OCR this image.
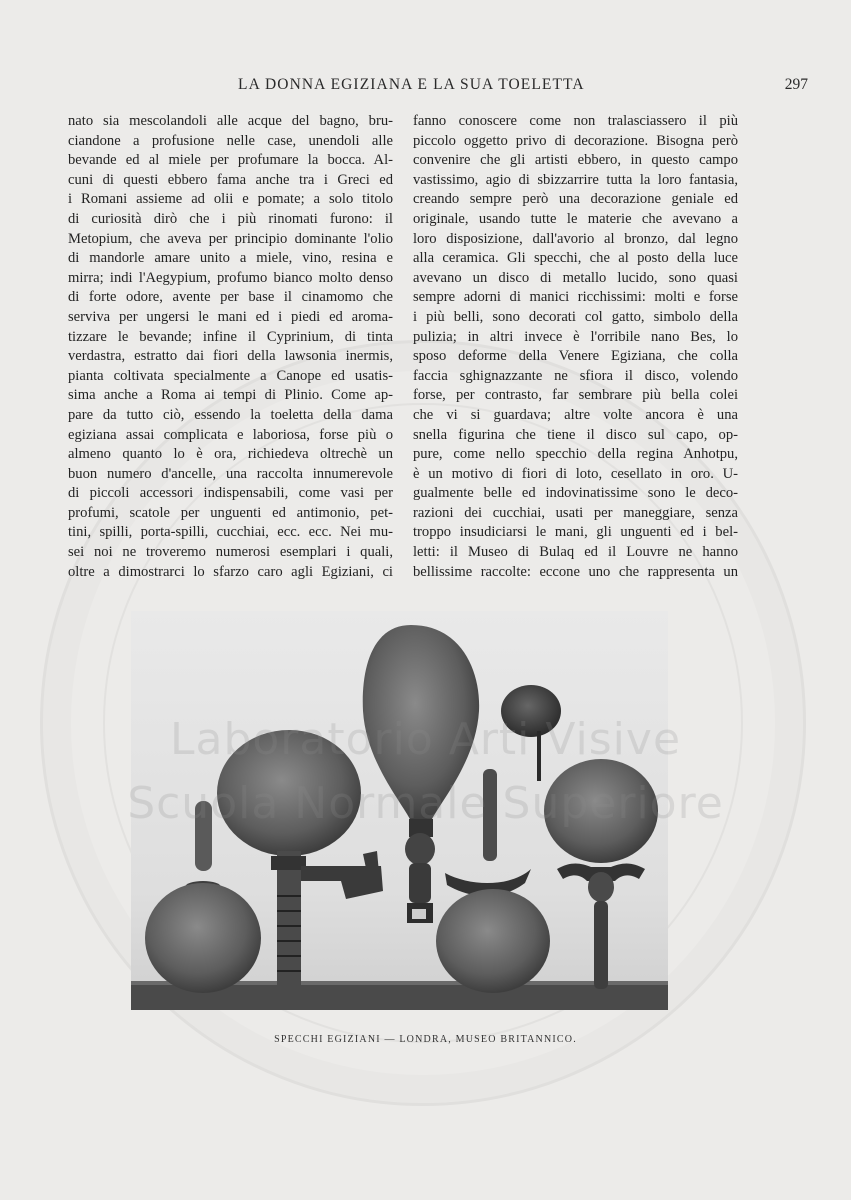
LA DONNA EGIZIANA E LA SUA TOELETTA	297
nato sia mescolandoli alle acque del bagno, bru-
ciandone a profusione nelle case, unendoli alle
bevande ed al miele per profumare la bocca. Al-
cuni di questi ebbero fama anche tra i Greci ed
i Romani assieme ad olii e pomate; a solo titolo
di curiosità dirò che i più rinomati furono: il
Metopium, che aveva per principio dominante l'olio
di mandorle amare unito a miele, vino, resina e
mirra; indi l'Aegypium, profumo bianco molto denso
di forte odore, avente per base il cinamomo che
serviva per ungersi le mani ed i piedi ed aroma-
tizzare le bevande; infine il Cyprinium, di tinta
verdastra, estratto dai fiori della lawsonia inermis,
pianta coltivata specialmente a Canope ed usatis-
sima anche a Roma ai tempi di Plinio. Come ap-
pare da tutto ciò, essendo la toeletta della dama
egiziana assai complicata e laboriosa, forse più o
almeno quanto lo è ora, richiedeva oltrechè un
buon numero d'ancelle, una raccolta innumerevole
di piccoli accessori indispensabili, come vasi per
profumi, scatole per unguenti ed antimonio, pet-
tini, spilli, porta-spilli, cucchiai, ecc. ecc. Nei mu-
sei noi ne troveremo numerosi esemplari i quali,
oltre a dimostrarci lo sfarzo caro agli Egiziani, ci
fanno conoscere come non tralasciassero il più
piccolo oggetto privo di decorazione. Bisogna però
convenire che gli artisti ebbero, in questo campo
vastissimo, agio di sbizzarrire tutta la loro fantasia,
creando sempre però una decorazione geniale ed
originale, usando tutte le materie che avevano a
loro disposizione, dall'avorio al bronzo, dal legno
alla ceramica. Gli specchi, che al posto della luce
avevano un disco di metallo lucido, sono quasi
sempre adorni di manici ricchissimi: molti e forse
i più belli, sono decorati col gatto, simbolo della
pulizia; in altri invece è l'orribile nano Bes, lo
sposo deforme della Venere Egiziana, che colla
faccia sghignazzante ne sfiora il disco, volendo
forse, per contrasto, far sembrare più bella colei
che vi si guardava; altre volte ancora è una
snella figurina che tiene il disco sul capo, op-
pure, come nello specchio della regina Anhotpu,
è un motivo di fiori di loto, cesellato in oro. U-
gualmente belle ed indovinatissime sono le deco-
razioni dei cucchiai, usati per maneggiare, senza
troppo insudiciarsi le mani, gli unguenti ed i bel-
letti: il Museo di Bulaq ed il Louvre ne hanno
bellissime raccolte: eccone uno che rappresenta un
Laboratorio Arti Visive
Scuola Normale Superiore
SPECCHI EGIZIANI — LONDRA, MUSEO BRITANNICO.
